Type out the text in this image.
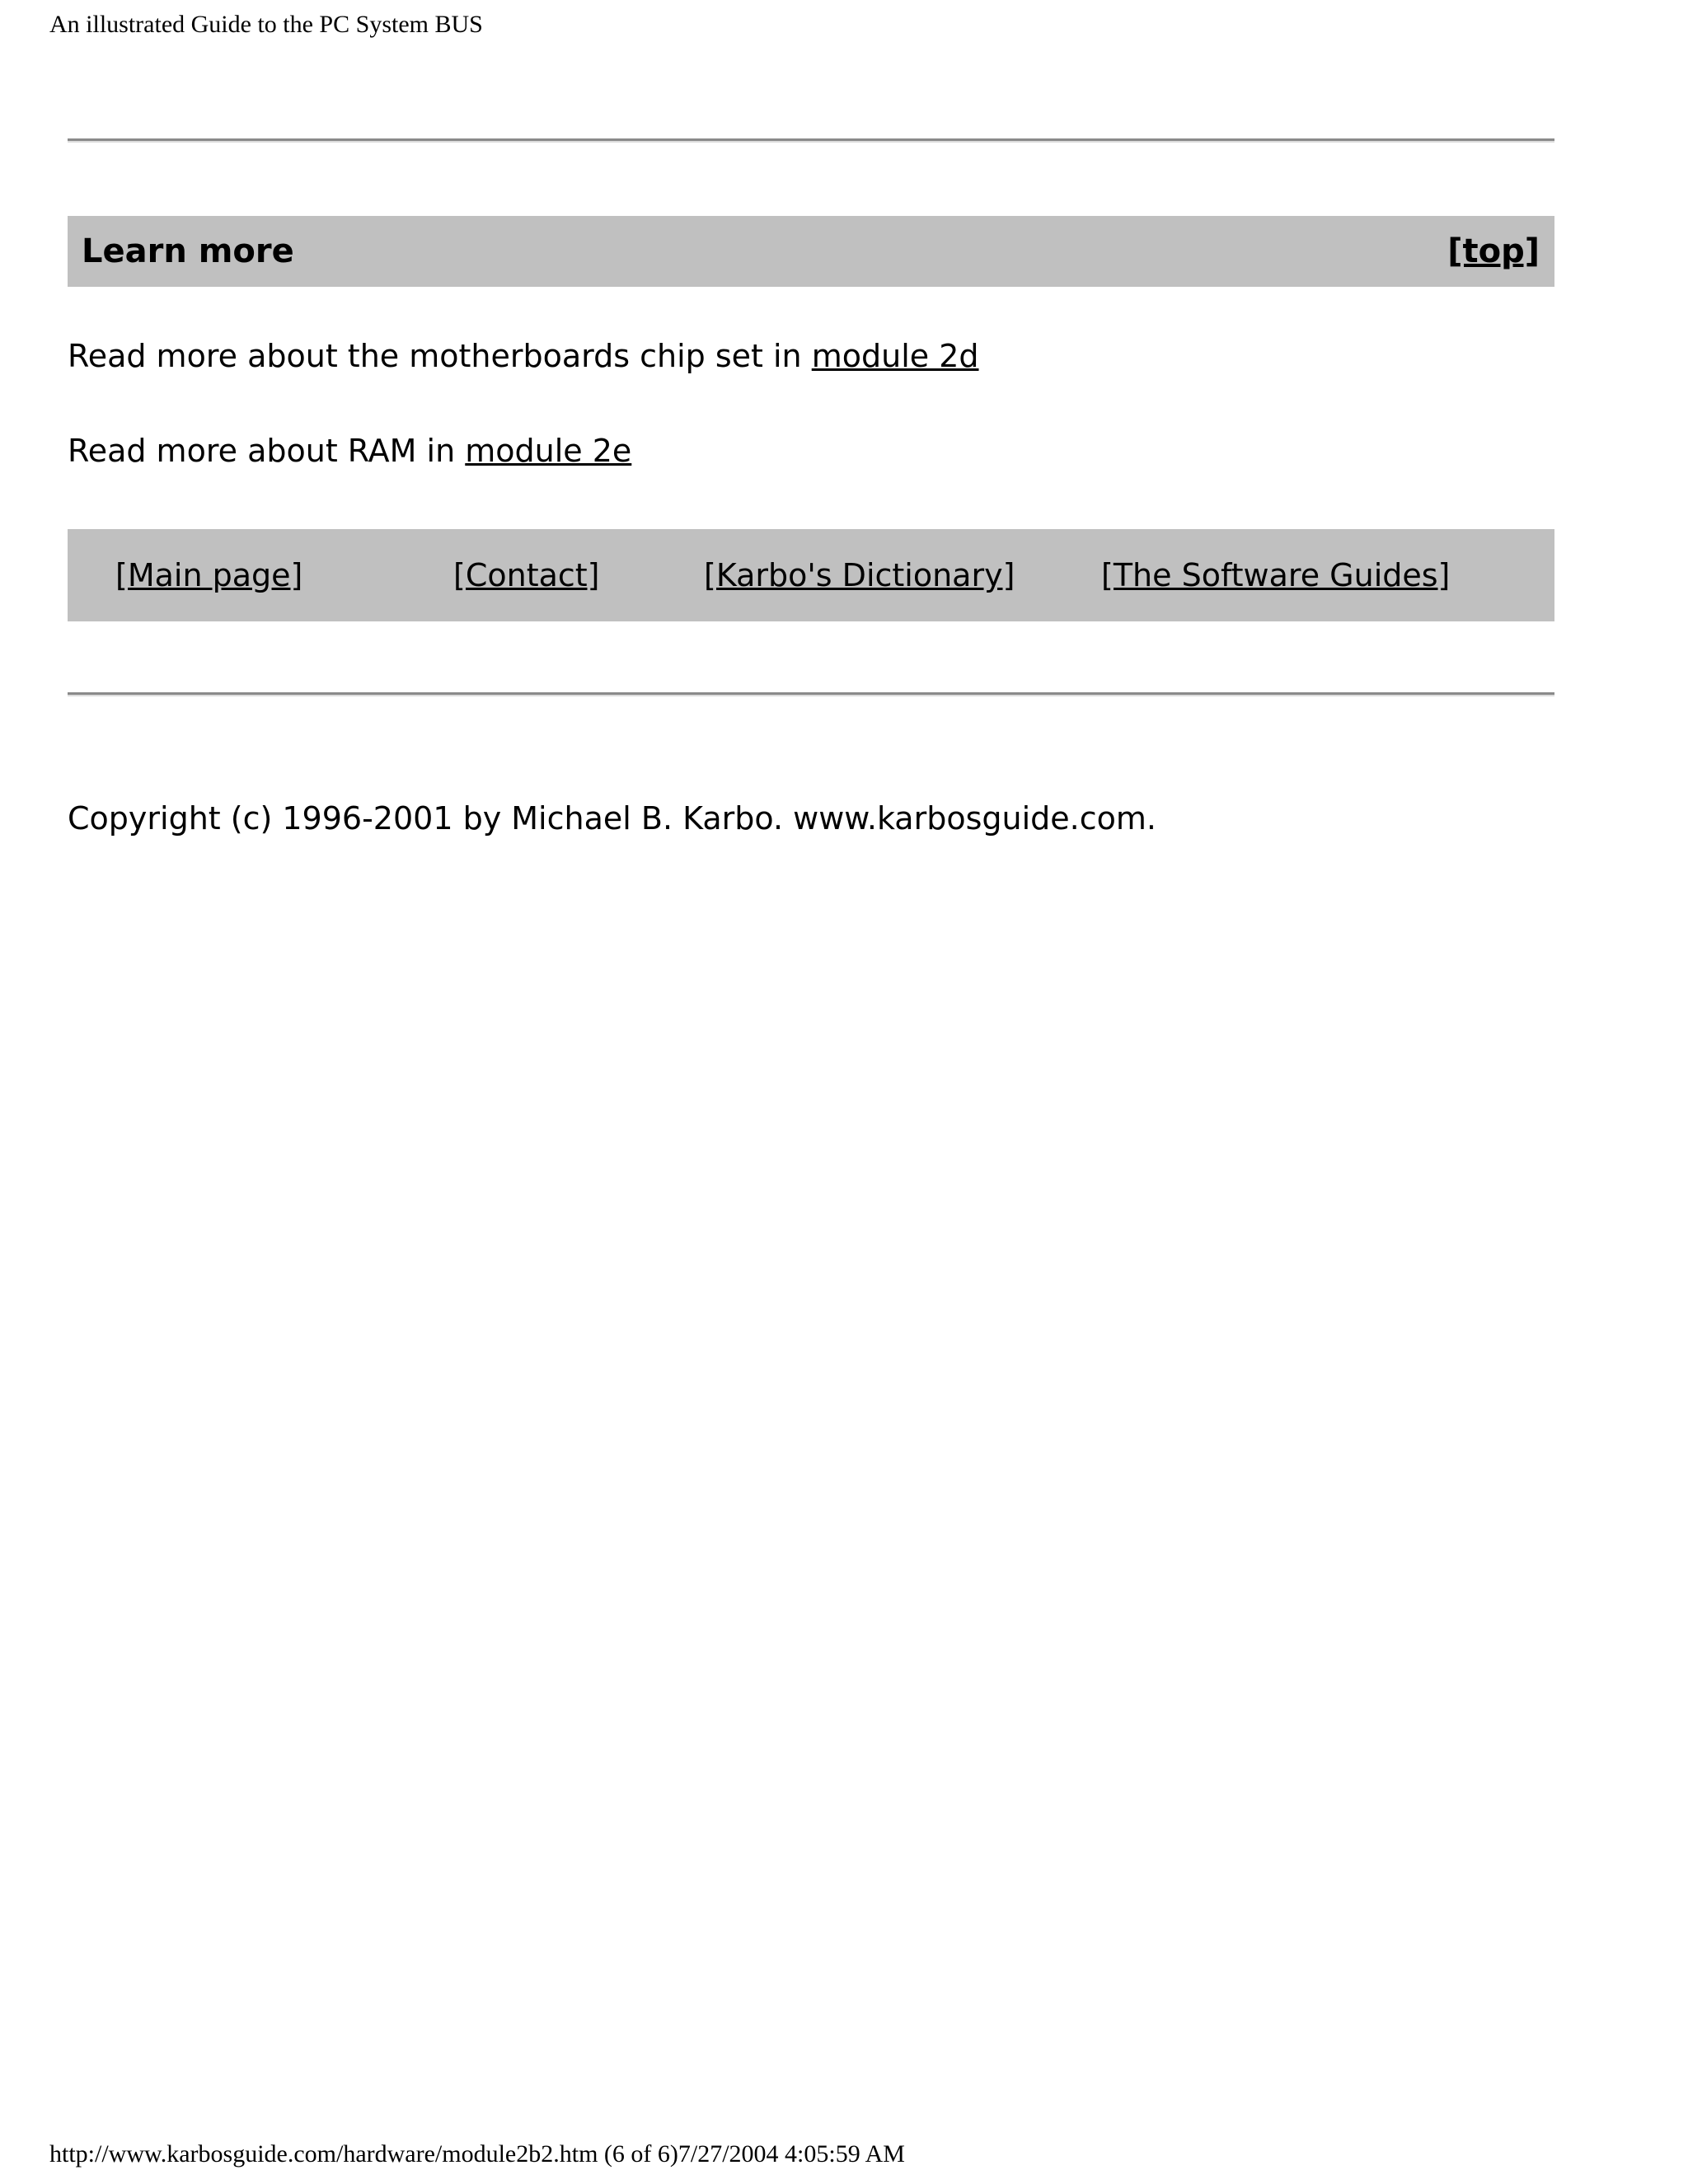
An illustrated Guide to the PC System BUS
Learn more	[top]
Read more about the motherboards chip set in module 2d
Read more about RAM in module 2e
[Main page]	[Contact]	[Karbo's Dictionary]	[The Software Guides]
Copyright (c) 1996-2001 by Michael B. Karbo. www.karbosguide.com.
http://www.karbosguide.com/hardware/module2b2.htm (6 of 6)7/27/2004 4:05:59 AM
